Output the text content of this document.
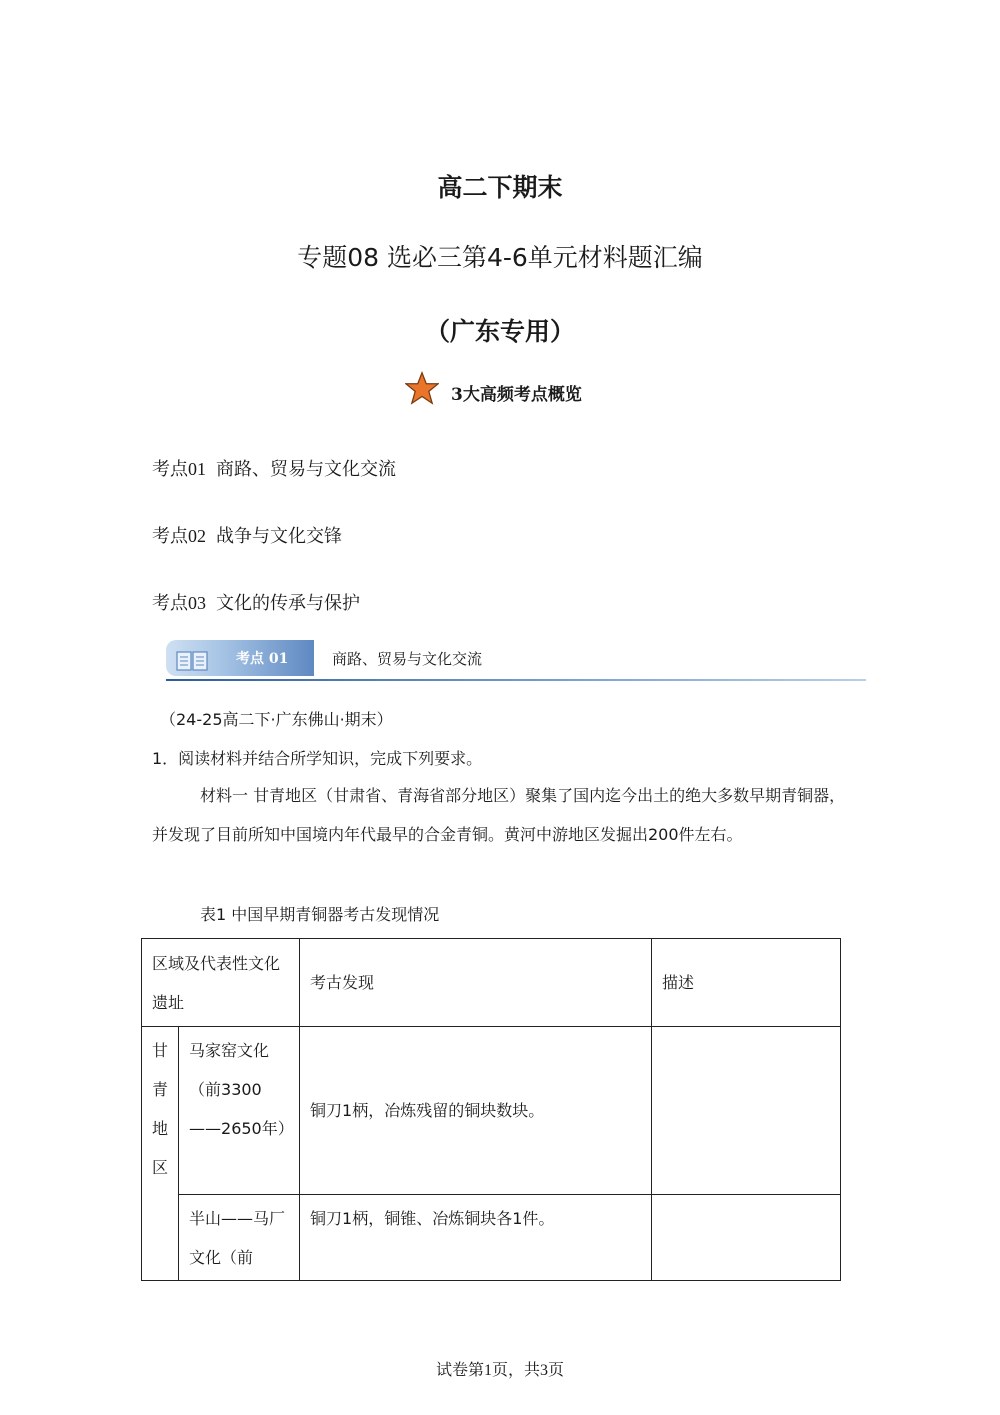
高二下期末
专题08 选必三第4-6单元材料题汇编
（广东专用）
3大高频考点概览
考点01 商路、贸易与文化交流
考点02 战争与文化交锋
考点03 文化的传承与保护
考点 01	商路、贸易与文化交流
（24-25高二下·广东佛山·期末）
1．阅读材料并结合所学知识，完成下列要求。
材料一 甘青地区（甘肃省、青海省部分地区）聚集了国内迄今出土的绝大多数早期青铜器，并发现了目前所知中国境内年代最早的合金青铜。黄河中游地区发掘出200件左右。
表1 中国早期青铜器考古发现情况
区域及代表性文化遗址		考古发现	描述
甘青地区	马家窑文化（前3300——2650年）	铜刀1柄，冶炼残留的铜块数块。	
	半山——马厂文化（前	铜刀1柄，铜锥、冶炼铜块各1件。	
试卷第1页，共3页
